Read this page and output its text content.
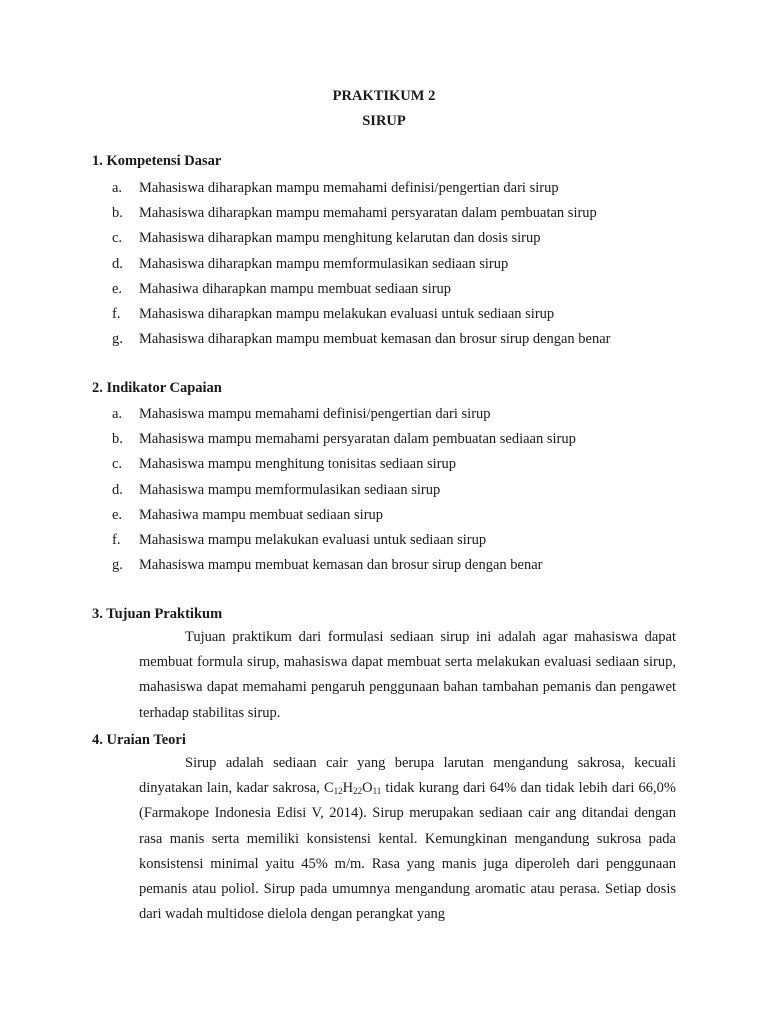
PRAKTIKUM 2

SIRUP

1. Kompetensi Dasar

a.	Mahasiswa diharapkan mampu memahami definisi/pengertian dari sirup
b.	Mahasiswa diharapkan mampu memahami persyaratan dalam pembuatan sirup
c.	Mahasiswa diharapkan mampu menghitung kelarutan dan dosis sirup
d.	Mahasiswa diharapkan mampu memformulasikan sediaan sirup
e.	Mahasiwa diharapkan mampu membuat sediaan sirup
f.	Mahasiswa diharapkan mampu melakukan evaluasi untuk sediaan sirup
g.	Mahasiswa diharapkan mampu membuat kemasan dan brosur sirup dengan benar

2. Indikator Capaian

a.	Mahasiswa mampu memahami definisi/pengertian dari sirup
b.	Mahasiswa mampu memahami persyaratan dalam pembuatan sediaan sirup
c.	Mahasiswa mampu menghitung tonisitas sediaan sirup
d.	Mahasiswa mampu memformulasikan sediaan sirup
e.	Mahasiwa mampu membuat sediaan sirup
f.	Mahasiswa mampu melakukan evaluasi untuk sediaan sirup
g.	Mahasiswa mampu membuat kemasan dan brosur sirup dengan benar

3. Tujuan Praktikum

Tujuan praktikum dari formulasi sediaan sirup ini adalah agar mahasiswa dapat membuat formula sirup, mahasiswa dapat membuat serta melakukan evaluasi sediaan sirup, mahasiswa dapat memahami pengaruh penggunaan bahan tambahan pemanis dan pengawet terhadap stabilitas sirup.

4. Uraian Teori

Sirup adalah sediaan cair yang berupa larutan mengandung sakrosa, kecuali dinyatakan lain, kadar sakrosa, $C_{12}H_{22}O_{11}$ tidak kurang dari 64% dan tidak lebih dari 66,0% (Farmakope Indonesia Edisi V, 2014). Sirup merupakan sediaan cair ang ditandai dengan rasa manis serta memiliki konsistensi kental. Kemungkinan mengandung sukrosa pada konsistensi minimal yaitu 45% m/m. Rasa yang manis juga diperoleh dari penggunaan pemanis atau poliol. Sirup pada umumnya mengandung aromatic atau perasa. Setiap dosis dari wadah multidose dielola dengan perangkat yang
